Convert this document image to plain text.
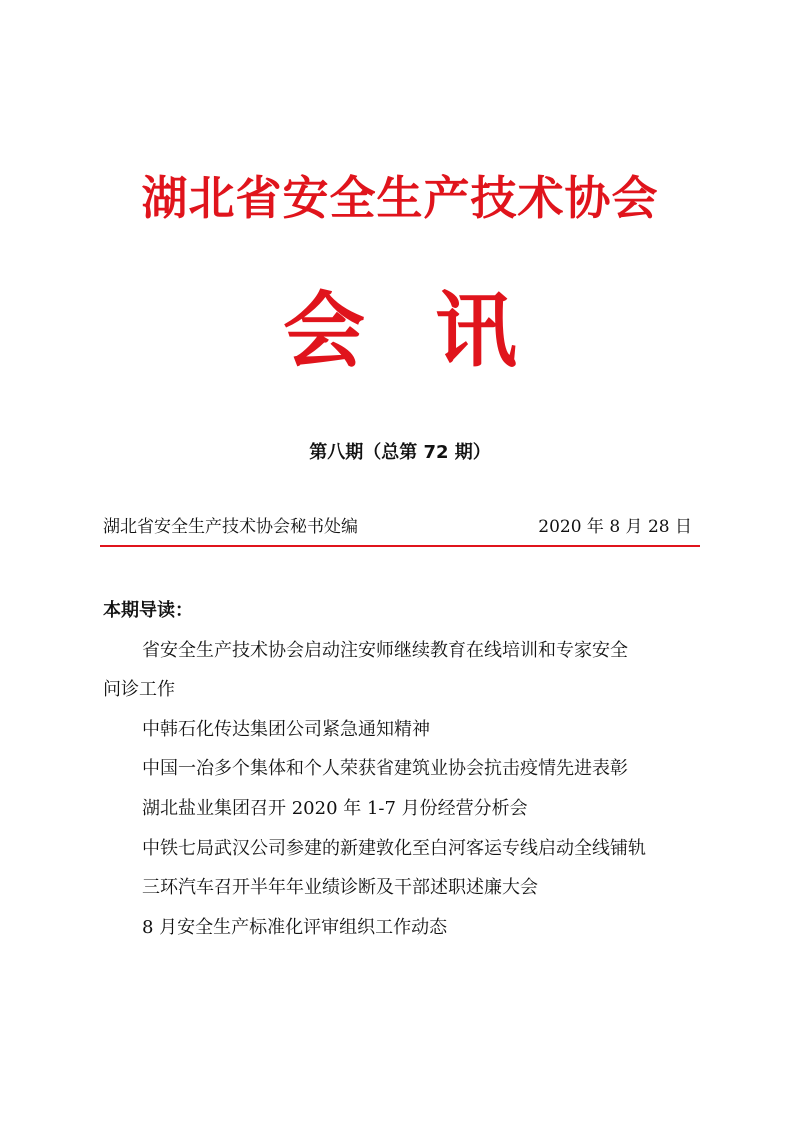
湖北省安全生产技术协会
会讯
第八期（总第 72 期）
湖北省安全生产技术协会秘书处编	2020 年 8 月 28 日
本期导读：
省安全生产技术协会启动注安师继续教育在线培训和专家安全
问诊工作
中韩石化传达集团公司紧急通知精神
中国一冶多个集体和个人荣获省建筑业协会抗击疫情先进表彰
湖北盐业集团召开 2020 年 1-7 月份经营分析会
中铁七局武汉公司参建的新建敦化至白河客运专线启动全线铺轨
三环汽车召开半年年业绩诊断及干部述职述廉大会
8 月安全生产标准化评审组织工作动态
